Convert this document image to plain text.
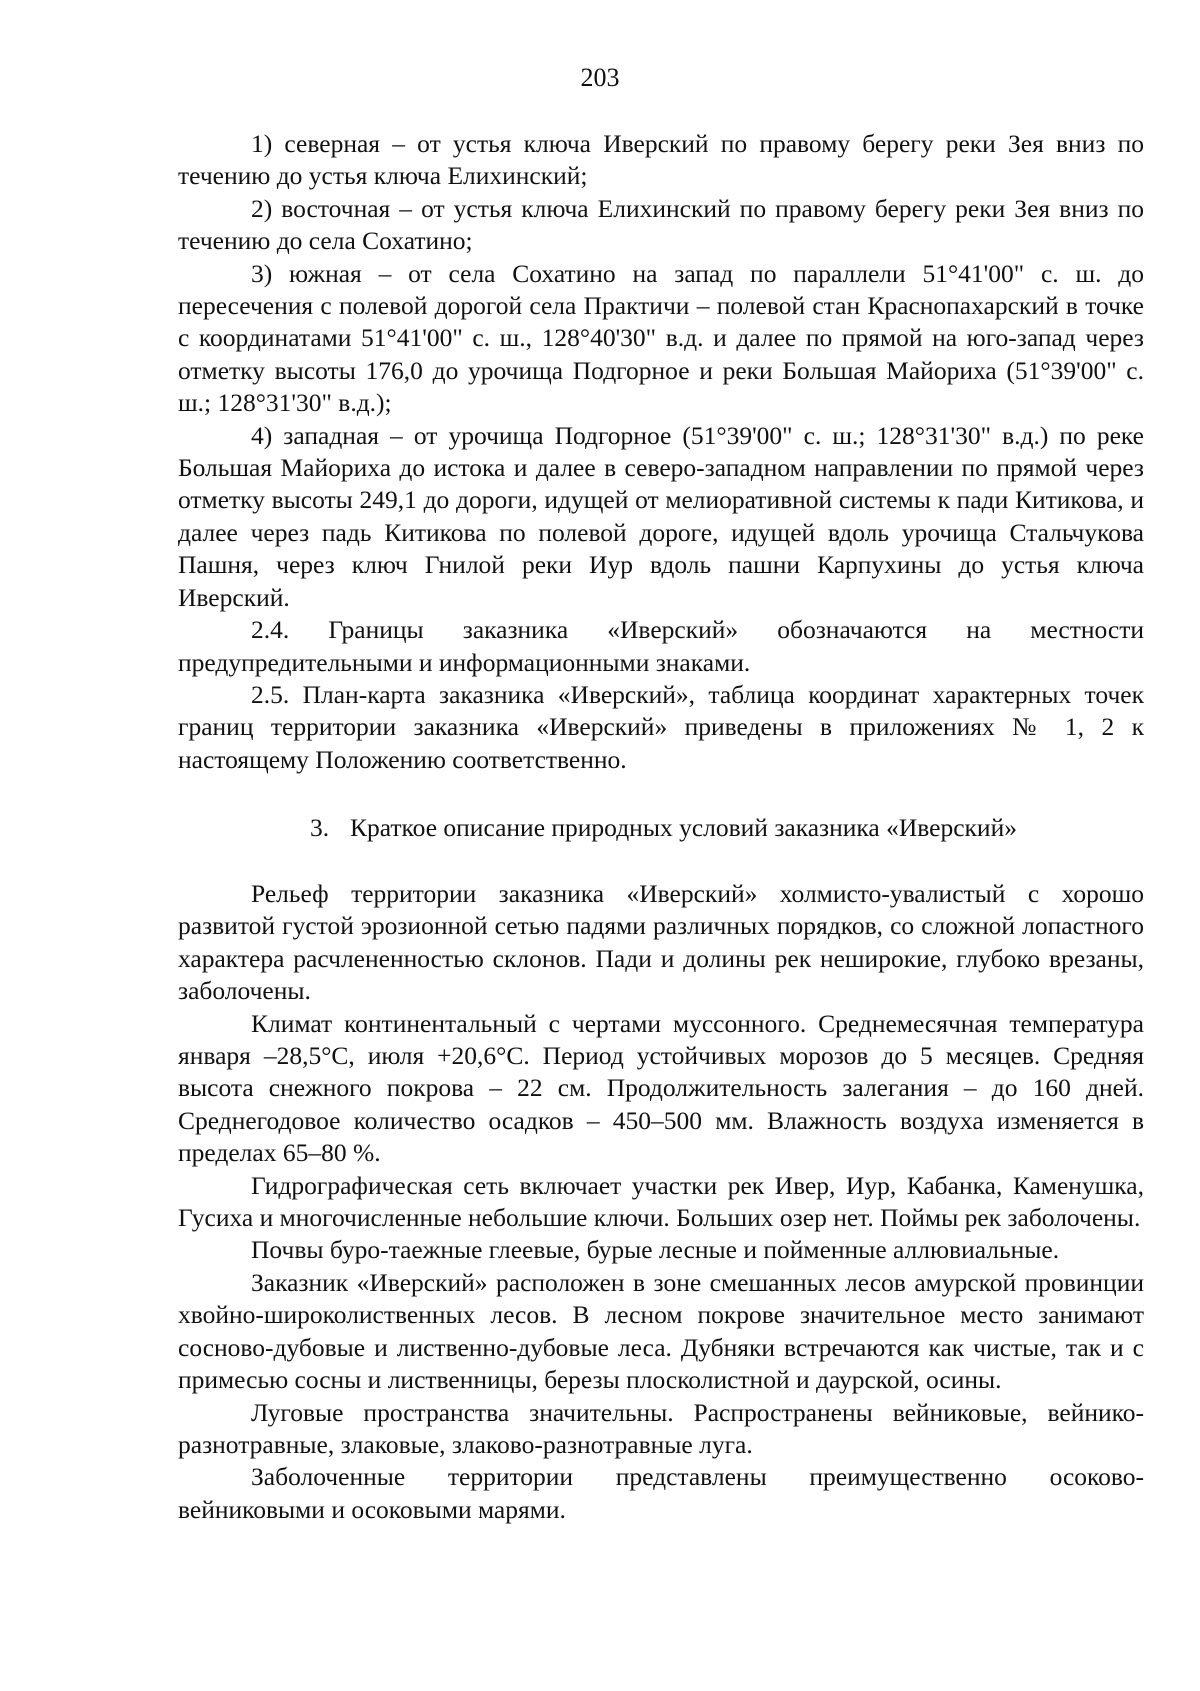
203

1) северная – от устья ключа Иверский по правому берегу реки Зея вниз по течению до устья ключа Елихинский;

2) восточная – от устья ключа Елихинский по правому берегу реки Зея вниз по течению до села Сохатино;

3) южная – от села Сохатино на запад по параллели 51°41'00" с. ш. до пересечения с полевой дорогой села Практичи – полевой стан Краснопахарский в точке с координатами 51°41'00" с. ш., 128°40'30" в.д. и далее по прямой на юго-запад через отметку высоты 176,0 до урочища Подгорное и реки Большая Майориха (51°39'00" с. ш.; 128°31'30" в.д.);

4) западная – от урочища Подгорное (51°39'00" с. ш.; 128°31'30" в.д.) по реке Большая Майориха до истока и далее в северо-западном направлении по прямой через отметку высоты 249,1 до дороги, идущей от мелиоративной системы к пади Китикова, и далее через падь Китикова по полевой дороге, идущей вдоль урочища Стальчукова Пашня, через ключ Гнилой реки Иур вдоль пашни Карпухины до устья ключа Иверский.

2.4. Границы заказника «Иверский» обозначаются на местности предупредительными и информационными знаками.

2.5. План-карта заказника «Иверский», таблица координат характерных точек границ территории заказника «Иверский» приведены в приложениях № 1, 2 к настоящему Положению соответственно.

3. Краткое описание природных условий заказника «Иверский»

Рельеф территории заказника «Иверский» холмисто-увалистый с хорошо развитой густой эрозионной сетью падями различных порядков, со сложной лопастного характера расчлененностью склонов. Пади и долины рек неширокие, глубоко врезаны, заболочены.

Климат континентальный с чертами муссонного. Среднемесячная температура января –28,5°С, июля +20,6°С. Период устойчивых морозов до 5 месяцев. Средняя высота снежного покрова – 22 см. Продолжительность залегания – до 160 дней. Среднегодовое количество осадков – 450–500 мм. Влажность воздуха изменяется в пределах 65–80 %.

Гидрографическая сеть включает участки рек Ивер, Иур, Кабанка, Каменушка, Гусиха и многочисленные небольшие ключи. Больших озер нет. Поймы рек заболочены.

Почвы буро-таежные глеевые, бурые лесные и пойменные аллювиальные.

Заказник «Иверский» расположен в зоне смешанных лесов амурской провинции хвойно-широколиственных лесов. В лесном покрове значительное место занимают сосново-дубовые и лиственно-дубовые леса. Дубняки встречаются как чистые, так и с примесью сосны и лиственницы, березы плосколистной и даурской, осины.

Луговые пространства значительны. Распространены вейниковые, вейнико-разнотравные, злаковые, злаково-разнотравные луга.

Заболоченные территории представлены преимущественно осоково-вейниковыми и осоковыми марями.
